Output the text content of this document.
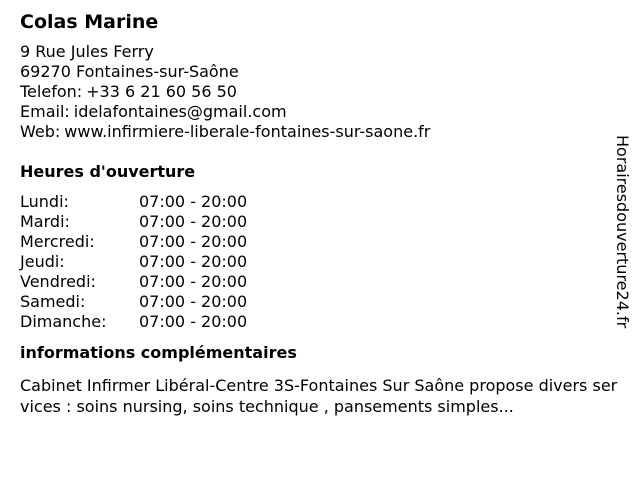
Colas Marine
9 Rue Jules Ferry
69270 Fontaines-sur-Saône
Telefon: +33 6 21 60 56 50
Email: idelafontaines@gmail.com
Web: www.infirmiere-liberale-fontaines-sur-saone.fr
Heures d'ouverture
Lundi:	07:00 - 20:00
Mardi:	07:00 - 20:00
Mercredi:	07:00 - 20:00
Jeudi:	07:00 - 20:00
Vendredi:	07:00 - 20:00
Samedi:	07:00 - 20:00
Dimanche:	07:00 - 20:00
informations complémentaires
Cabinet Infirmer Libéral-Centre 3S-Fontaines Sur Saône propose divers services : soins nursing, soins technique , pansements simples...
Horairesdouverture24.fr
